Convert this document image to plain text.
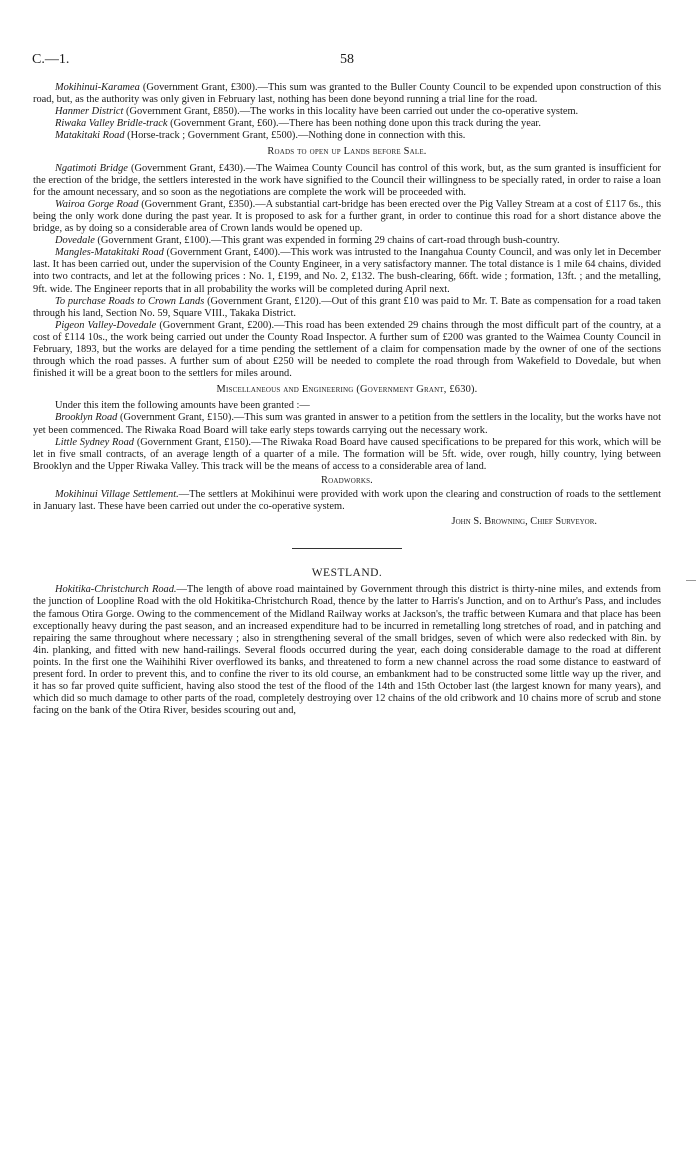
C.—1.	58

Mokihinui-Karamea (Government Grant, £300).—This sum was granted to the Buller County Council to be expended upon construction of this road, but, as the authority was only given in February last, nothing has been done beyond running a trial line for the road.

Hanmer District (Government Grant, £850).—The works in this locality have been carried out under the co-operative system.

Riwaka Valley Bridle-track (Government Grant, £60).—There has been nothing done upon this track during the year.

Matakitaki Road (Horse-track ; Government Grant, £500).—Nothing done in connection with this.

Roads to open up Lands before Sale.

Ngatimoti Bridge (Government Grant, £430).—The Waimea County Council has control of this work, but, as the sum granted is insufficient for the erection of the bridge, the settlers interested in the work have signified to the Council their willingness to be specially rated, in order to raise a loan for the amount necessary, and so soon as the negotiations are complete the work will be proceeded with.

Wairoa Gorge Road (Government Grant, £350).—A substantial cart-bridge has been erected over the Pig Valley Stream at a cost of £117 6s., this being the only work done during the past year. It is proposed to ask for a further grant, in order to continue this road for a short distance above the bridge, as by doing so a considerable area of Crown lands would be opened up.

Dovedale (Government Grant, £100).—This grant was expended in forming 29 chains of cart-road through bush-country.

Mangles-Matakitaki Road (Government Grant, £400).—This work was intrusted to the Inangahua County Council, and was only let in December last. It has been carried out, under the supervision of the County Engineer, in a very satisfactory manner. The total distance is 1 mile 64 chains, divided into two contracts, and let at the following prices : No. 1, £199, and No. 2, £132. The bush-clearing, 66ft. wide ; formation, 13ft. ; and the metalling, 9ft. wide. The Engineer reports that in all probability the works will be completed during April next.

To purchase Roads to Crown Lands (Government Grant, £120).—Out of this grant £10 was paid to Mr. T. Bate as compensation for a road taken through his land, Section No. 59, Square VIII., Takaka District.

Pigeon Valley-Dovedale (Government Grant, £200).—This road has been extended 29 chains through the most difficult part of the country, at a cost of £114 10s., the work being carried out under the County Road Inspector. A further sum of £200 was granted to the Waimea County Council in February, 1893, but the works are delayed for a time pending the settlement of a claim for compensation made by the owner of one of the sections through which the road passes. A further sum of about £250 will be needed to complete the road through from Wakefield to Dovedale, but when finished it will be a great boon to the settlers for miles around.

Miscellaneous and Engineering (Government Grant, £630).

Under this item the following amounts have been granted :—

Brooklyn Road (Government Grant, £150).—This sum was granted in answer to a petition from the settlers in the locality, but the works have not yet been commenced. The Riwaka Road Board will take early steps towards carrying out the necessary work.

Little Sydney Road (Government Grant, £150).—The Riwaka Road Board have caused specifications to be prepared for this work, which will be let in five small contracts, of an average length of a quarter of a mile. The formation will be 5ft. wide, over rough, hilly country, lying between Brooklyn and the Upper Riwaka Valley. This track will be the means of access to a considerable area of land.

Roadworks.

Mokihinui Village Settlement.—The settlers at Mokihinui were provided with work upon the clearing and construction of roads to the settlement in January last. These have been carried out under the co-operative system.

John S. Browning, Chief Surveyor.

WESTLAND.

Hokitika-Christchurch Road.—The length of above road maintained by Government through this district is thirty-nine miles, and extends from the junction of Loopline Road with the old Hokitika-Christchurch Road, thence by the latter to Harris's Junction, and on to Arthur's Pass, and includes the famous Otira Gorge. Owing to the commencement of the Midland Railway works at Jackson's, the traffic between Kumara and that place has been exceptionally heavy during the past season, and an increased expenditure had to be incurred in remetalling long stretches of road, and in patching and repairing the same throughout where necessary ; also in strengthening several of the small bridges, seven of which were also redecked with 8in. by 4in. planking, and fitted with new hand-railings. Several floods occurred during the year, each doing considerable damage to the road at different points. In the first one the Waihihihi River overflowed its banks, and threatened to form a new channel across the road some distance to eastward of present ford. In order to prevent this, and to confine the river to its old course, an embankment had to be constructed some little way up the river, and it has so far proved quite sufficient, having also stood the test of the flood of the 14th and 15th October last (the largest known for many years), and which did so much damage to other parts of the road, completely destroying over 12 chains of the old cribwork and 10 chains more of scrub and stone facing on the bank of the Otira River, besides scouring out and,
